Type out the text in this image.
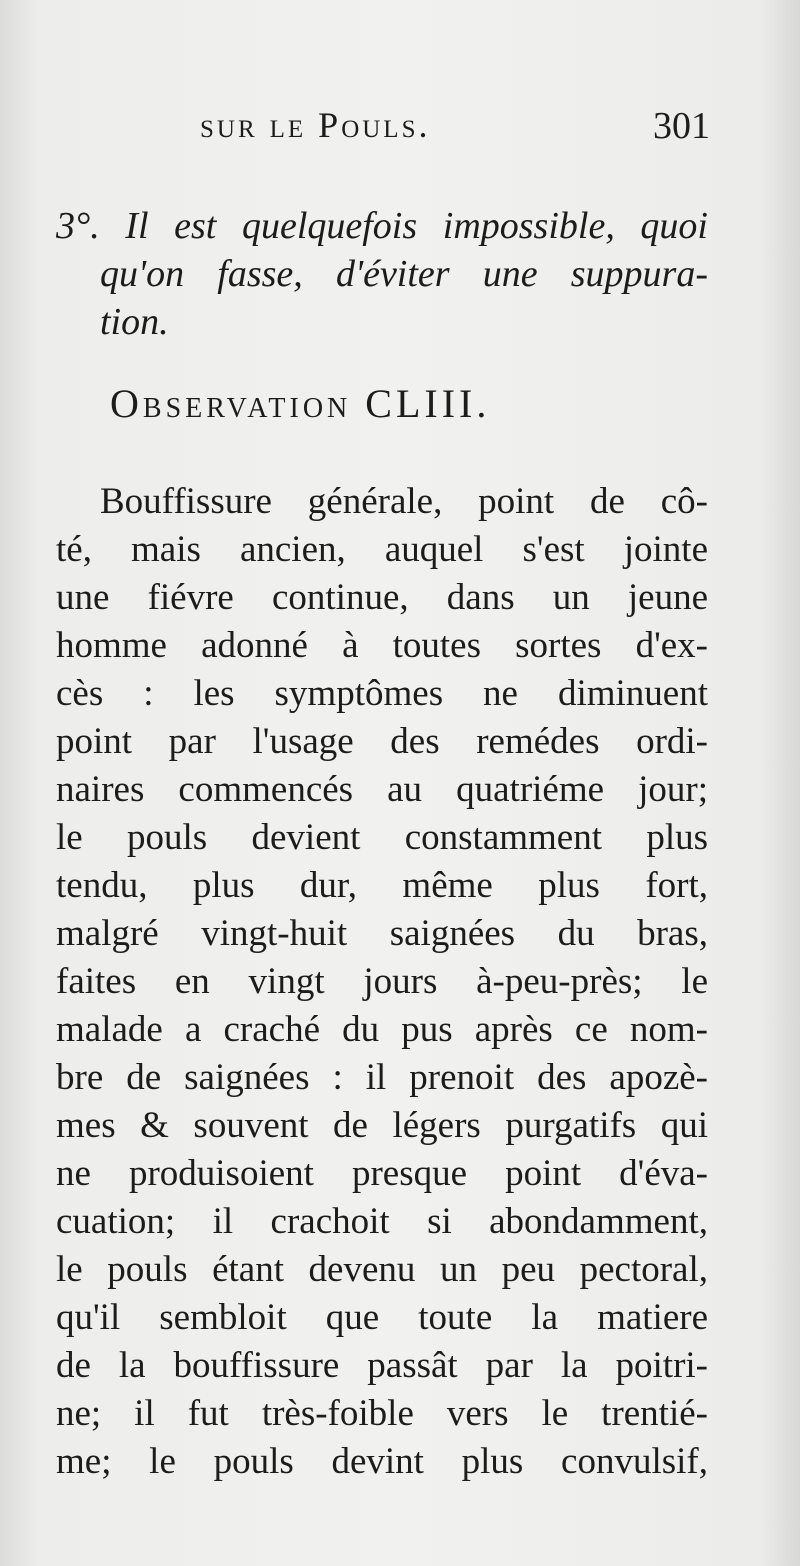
sur le Pouls.	301
3°. Il est quelquefois impossible, quoi
qu'on fasse, d'éviter une suppura-
tion.
Observation CLIII.
Bouffissure générale, point de cô-
té, mais ancien, auquel s'est jointe
une fiévre continue, dans un jeune
homme adonné à toutes sortes d'ex-
cès : les symptômes ne diminuent
point par l'usage des remédes ordi-
naires commencés au quatriéme jour;
le pouls devient constamment plus
tendu, plus dur, même plus fort,
malgré vingt-huit saignées du bras,
faites en vingt jours à-peu-près; le
malade a craché du pus après ce nom-
bre de saignées : il prenoit des apozè-
mes & souvent de légers purgatifs qui
ne produisoient presque point d'éva-
cuation; il crachoit si abondamment,
le pouls étant devenu un peu pectoral,
qu'il sembloit que toute la matiere
de la bouffissure passât par la poitri-
ne; il fut très-foible vers le trentié-
me; le pouls devint plus convulsif,
